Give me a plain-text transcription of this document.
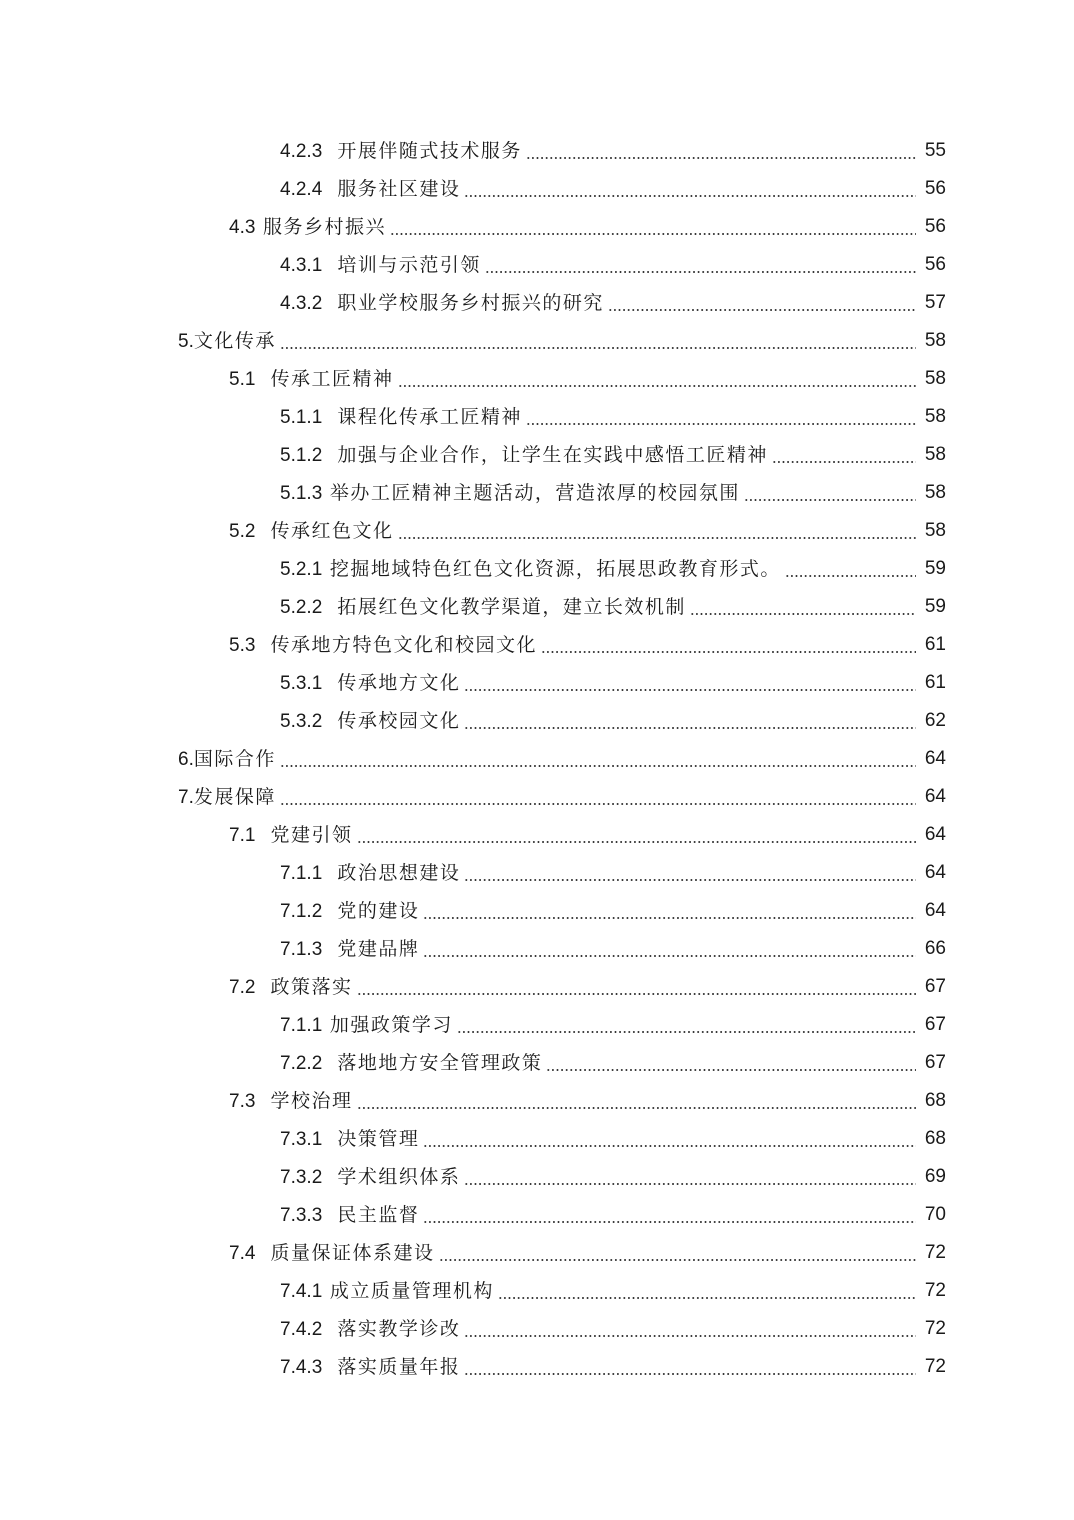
4.2.3 开展伴随式技术服务	55
4.2.4 服务社区建设	56
4.3 服务乡村振兴	56
4.3.1 培训与示范引领	56
4.3.2 职业学校服务乡村振兴的研究	57
5.文化传承	58
5.1 传承工匠精神	58
5.1.1 课程化传承工匠精神	58
5.1.2 加强与企业合作，让学生在实践中感悟工匠精神	58
5.1.3 举办工匠精神主题活动，营造浓厚的校园氛围	58
5.2 传承红色文化	58
5.2.1 挖掘地域特色红色文化资源，拓展思政教育形式。	59
5.2.2 拓展红色文化教学渠道，建立长效机制	59
5.3 传承地方特色文化和校园文化	61
5.3.1 传承地方文化	61
5.3.2 传承校园文化	62
6.国际合作	64
7.发展保障	64
7.1 党建引领	64
7.1.1 政治思想建设	64
7.1.2 党的建设	64
7.1.3 党建品牌	66
7.2 政策落实	67
7.1.1 加强政策学习	67
7.2.2 落地地方安全管理政策	67
7.3 学校治理	68
7.3.1 决策管理	68
7.3.2 学术组织体系	69
7.3.3 民主监督	70
7.4 质量保证体系建设	72
7.4.1 成立质量管理机构	72
7.4.2 落实教学诊改	72
7.4.3 落实质量年报	72
